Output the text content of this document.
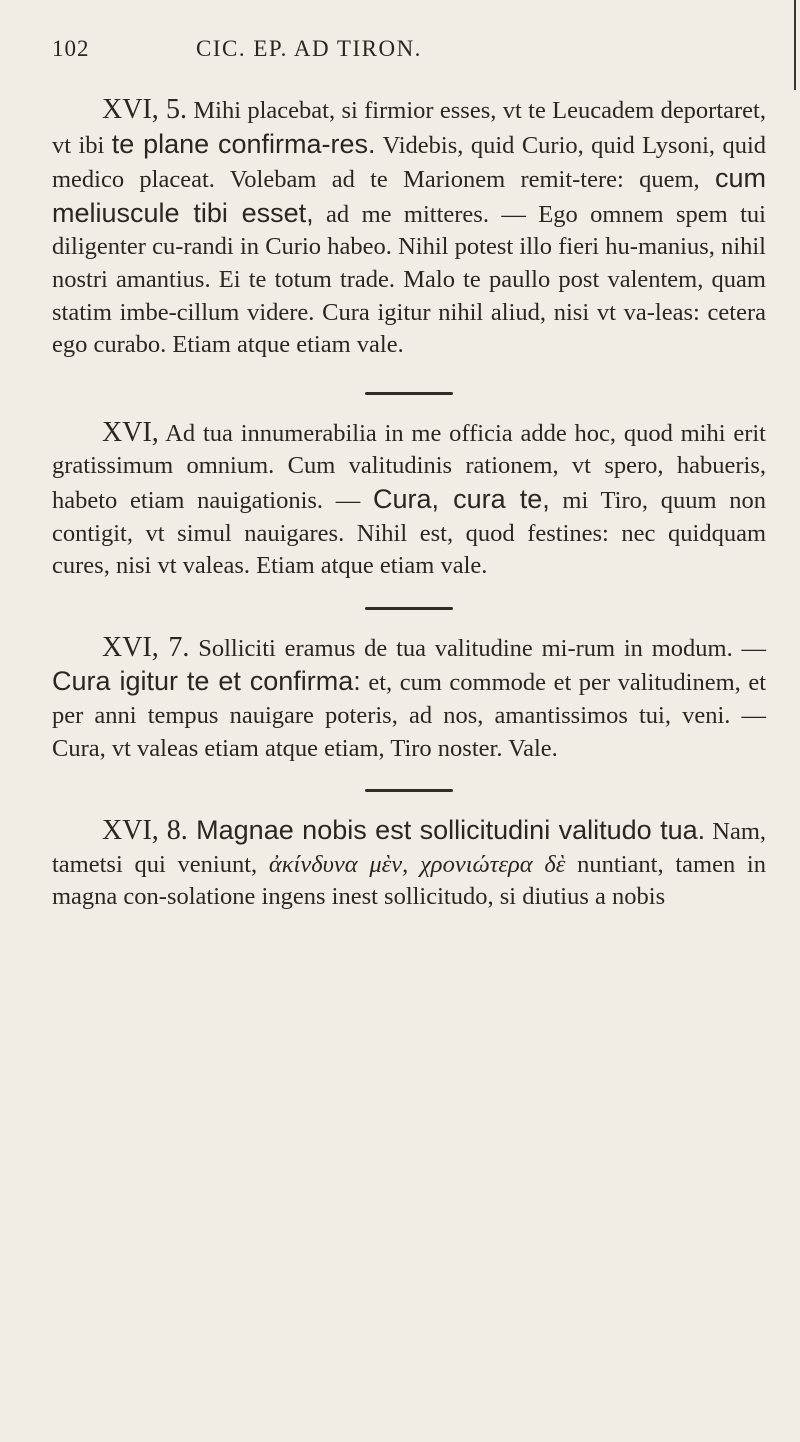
102	CIC. EP. AD TIRON.

XVI, 5. Mihi placebat, si firmior esses, vt te Leucadem deportaret, vt ibi te plane confirma-res. Videbis, quid Curio, quid Lysoni, quid medico placeat. Volebam ad te Marionem remit-tere: quem, cum meliuscule tibi esset, ad me mitteres. — Ego omnem spem tui diligenter cu-randi in Curio habeo. Nihil potest illo fieri hu-manius, nihil nostri amantius. Ei te totum trade. Malo te paullo post valentem, quam statim imbe-cillum videre. Cura igitur nihil aliud, nisi vt va-leas: cetera ego curabo. Etiam atque etiam vale.

XVI, Ad tua innumerabilia in me officia adde hoc, quod mihi erit gratissimum omnium. Cum valitudinis rationem, vt spero, habueris, habeto etiam nauigationis. — Cura, cura te, mi Tiro, quum non contigit, vt simul nauigares. Nihil est, quod festines: nec quidquam cures, nisi vt valeas. Etiam atque etiam vale.

XVI, 7. Solliciti eramus de tua valitudine mi-rum in modum. — Cura igitur te et confirma: et, cum commode et per valitudinem, et per anni tempus nauigare poteris, ad nos, amantissimos tui, veni. — Cura, vt valeas etiam atque etiam, Tiro noster. Vale.

XVI, 8. Magnae nobis est sollicitudini valitudo tua. Nam, tametsi qui veniunt, ἀκίνδυνα μὲν, χρονιώτερα δὲ nuntiant, tamen in magna con-solatione ingens inest sollicitudo, si diutius a nobis
